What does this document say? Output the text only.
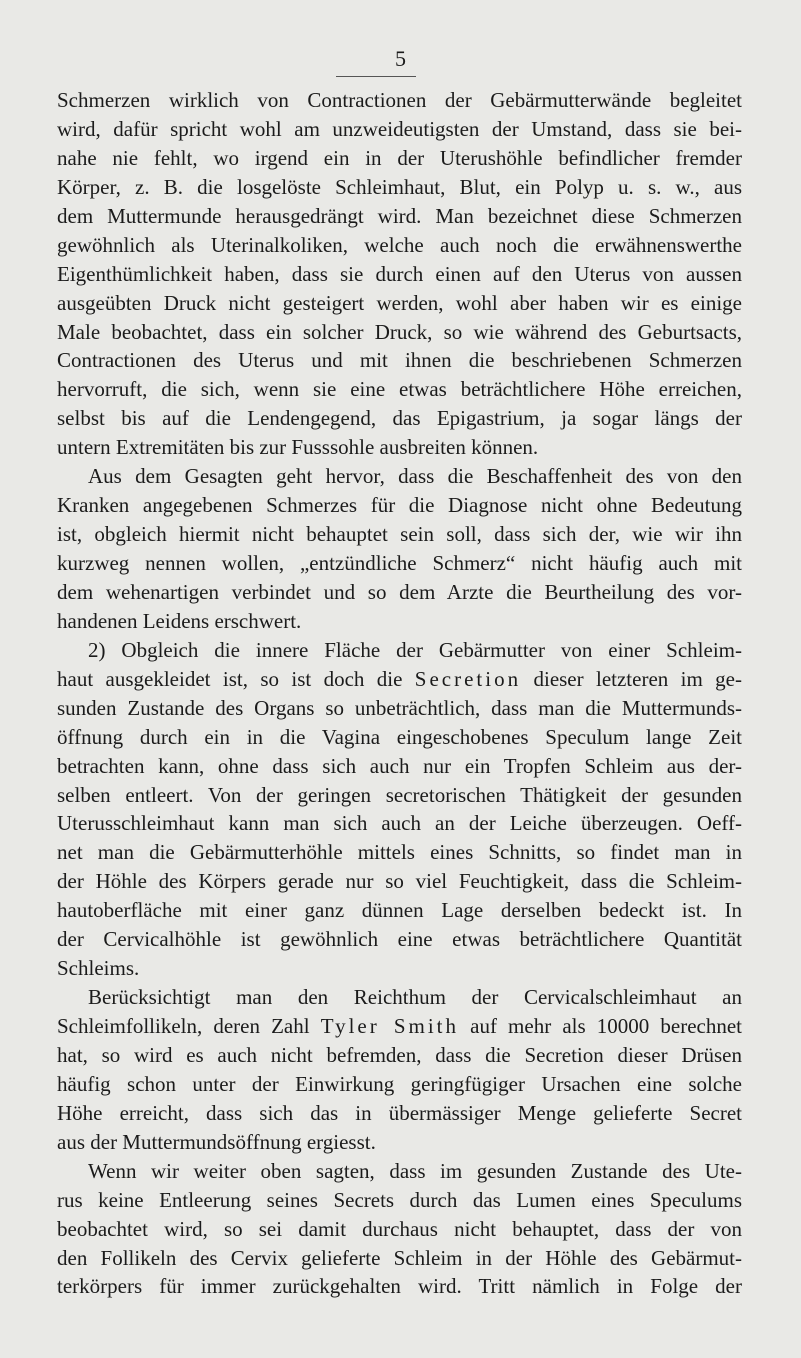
5
Schmerzen wirklich von Contractionen der Gebärmutterwände begleitet
wird, dafür spricht wohl am unzweideutigsten der Umstand, dass sie bei-
nahe nie fehlt, wo irgend ein in der Uterushöhle befindlicher fremder
Körper, z. B. die losgelöste Schleimhaut, Blut, ein Polyp u. s. w., aus
dem Muttermunde herausgedrängt wird. Man bezeichnet diese Schmerzen
gewöhnlich als Uterinalkoliken, welche auch noch die erwähnenswerthe
Eigenthümlichkeit haben, dass sie durch einen auf den Uterus von aussen
ausgeübten Druck nicht gesteigert werden, wohl aber haben wir es einige
Male beobachtet, dass ein solcher Druck, so wie während des Geburtsacts,
Contractionen des Uterus und mit ihnen die beschriebenen Schmerzen
hervorruft, die sich, wenn sie eine etwas beträchtlichere Höhe erreichen,
selbst bis auf die Lendengegend, das Epigastrium, ja sogar längs der
untern Extremitäten bis zur Fusssohle ausbreiten können.
Aus dem Gesagten geht hervor, dass die Beschaffenheit des von den
Kranken angegebenen Schmerzes für die Diagnose nicht ohne Bedeutung
ist, obgleich hiermit nicht behauptet sein soll, dass sich der, wie wir ihn
kurzweg nennen wollen, „entzündliche Schmerz“ nicht häufig auch mit
dem wehenartigen verbindet und so dem Arzte die Beurtheilung des vor-
handenen Leidens erschwert.
2) Obgleich die innere Fläche der Gebärmutter von einer Schleim-
haut ausgekleidet ist, so ist doch die Secretion dieser letzteren im ge-
sunden Zustande des Organs so unbeträchtlich, dass man die Muttermunds-
öffnung durch ein in die Vagina eingeschobenes Speculum lange Zeit
betrachten kann, ohne dass sich auch nur ein Tropfen Schleim aus der-
selben entleert. Von der geringen secretorischen Thätigkeit der gesunden
Uterusschleimhaut kann man sich auch an der Leiche überzeugen. Oeff-
net man die Gebärmutterhöhle mittels eines Schnitts, so findet man in
der Höhle des Körpers gerade nur so viel Feuchtigkeit, dass die Schleim-
hautoberfläche mit einer ganz dünnen Lage derselben bedeckt ist. In
der Cervicalhöhle ist gewöhnlich eine etwas beträchtlichere Quantität
Schleims.
Berücksichtigt man den Reichthum der Cervicalschleimhaut an
Schleimfollikeln, deren Zahl Tyler Smith auf mehr als 10000 berechnet
hat, so wird es auch nicht befremden, dass die Secretion dieser Drüsen
häufig schon unter der Einwirkung geringfügiger Ursachen eine solche
Höhe erreicht, dass sich das in übermässiger Menge gelieferte Secret
aus der Muttermundsöffnung ergiesst.
Wenn wir weiter oben sagten, dass im gesunden Zustande des Ute-
rus keine Entleerung seines Secrets durch das Lumen eines Speculums
beobachtet wird, so sei damit durchaus nicht behauptet, dass der von
den Follikeln des Cervix gelieferte Schleim in der Höhle des Gebärmut-
terkörpers für immer zurückgehalten wird. Tritt nämlich in Folge der
